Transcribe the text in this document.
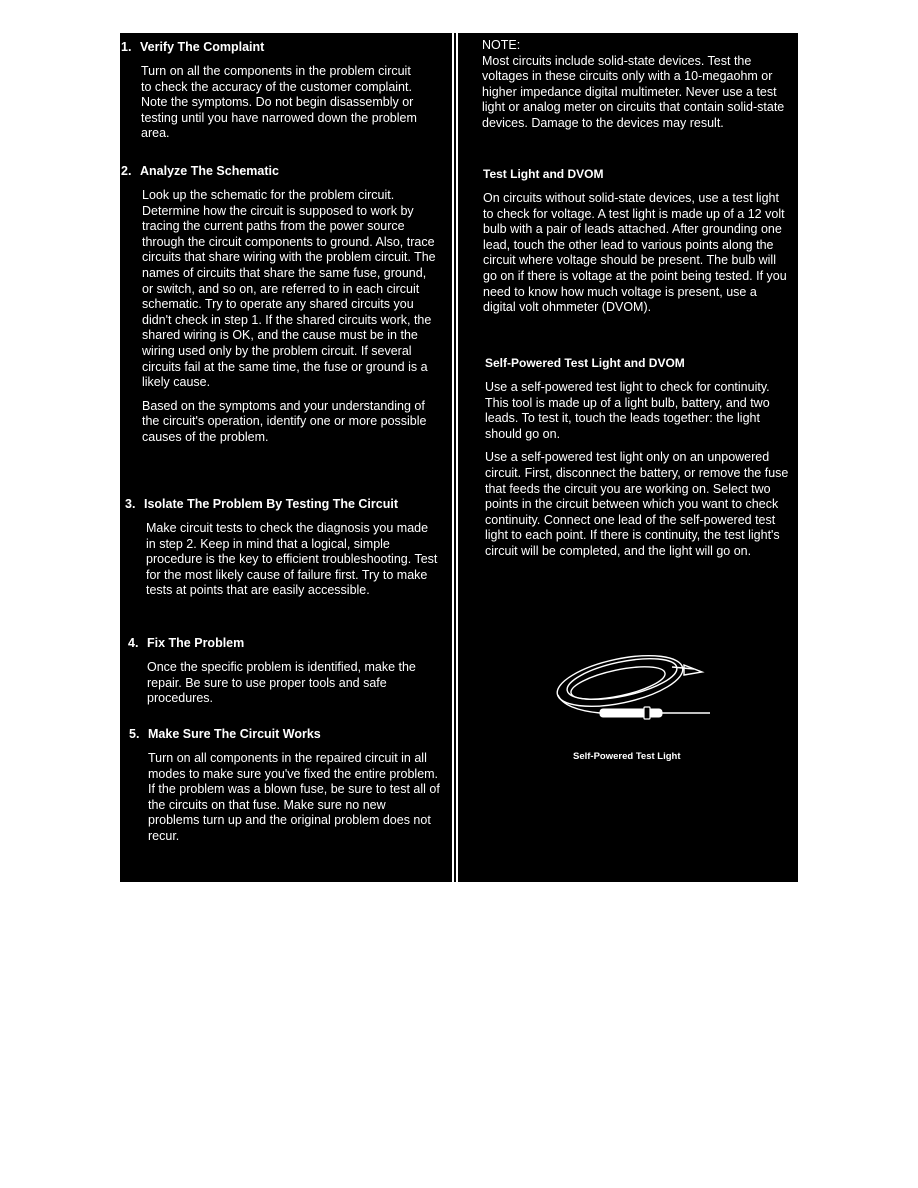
1. Verify The Complaint

Turn on all the components in the problem circuit to check the accuracy of the customer complaint. Note the symptoms. Do not begin disassembly or testing until you have narrowed down the problem area.

2. Analyze The Schematic

Look up the schematic for the problem circuit. Determine how the circuit is supposed to work by tracing the current paths from the power source through the circuit components to ground. Also, trace circuits that share wiring with the problem circuit. The names of circuits that share the same fuse, ground, or switch, and so on, are referred to in each circuit schematic. Try to operate any shared circuits you didn't check in step 1. If the shared circuits work, the shared wiring is OK, and the cause must be in the wiring used only by the problem circuit. If several circuits fail at the same time, the fuse or ground is a likely cause.

Based on the symptoms and your understanding of the circuit's operation, identify one or more possible causes of the problem.

3. Isolate The Problem By Testing The Circuit

Make circuit tests to check the diagnosis you made in step 2. Keep in mind that a logical, simple procedure is the key to efficient troubleshooting. Test for the most likely cause of failure first. Try to make tests at points that are easily accessible.

4. Fix The Problem

Once the specific problem is identified, make the repair. Be sure to use proper tools and safe procedures.

5. Make Sure The Circuit Works

Turn on all components in the repaired circuit in all modes to make sure you've fixed the entire problem. If the problem was a blown fuse, be sure to test all of the circuits on that fuse. Make sure no new problems turn up and the original problem does not recur.

NOTE:
Most circuits include solid-state devices. Test the voltages in these circuits only with a 10-megaohm or higher impedance digital multimeter. Never use a test light or analog meter on circuits that contain solid-state devices. Damage to the devices may result.
Test Light and DVOM
On circuits without solid-state devices, use a test light to check for voltage. A test light is made up of a 12 volt bulb with a pair of leads attached. After grounding one lead, touch the other lead to various points along the circuit where voltage should be present. The bulb will go on if there is voltage at the point being tested. If you need to know how much voltage is present, use a digital volt ohmmeter (DVOM).
Self-Powered Test Light and DVOM

Use a self-powered test light to check for continuity. This tool is made up of a light bulb, battery, and two leads. To test it, touch the leads together: the light should go on.

Use a self-powered test light only on an unpowered circuit. First, disconnect the battery, or remove the fuse that feeds the circuit you are working on. Select two points in the circuit between which you want to check continuity. Connect one lead of the self-powered test light to each point. If there is continuity, the test light's circuit will be completed, and the light will go on.

Self-Powered Test Light
